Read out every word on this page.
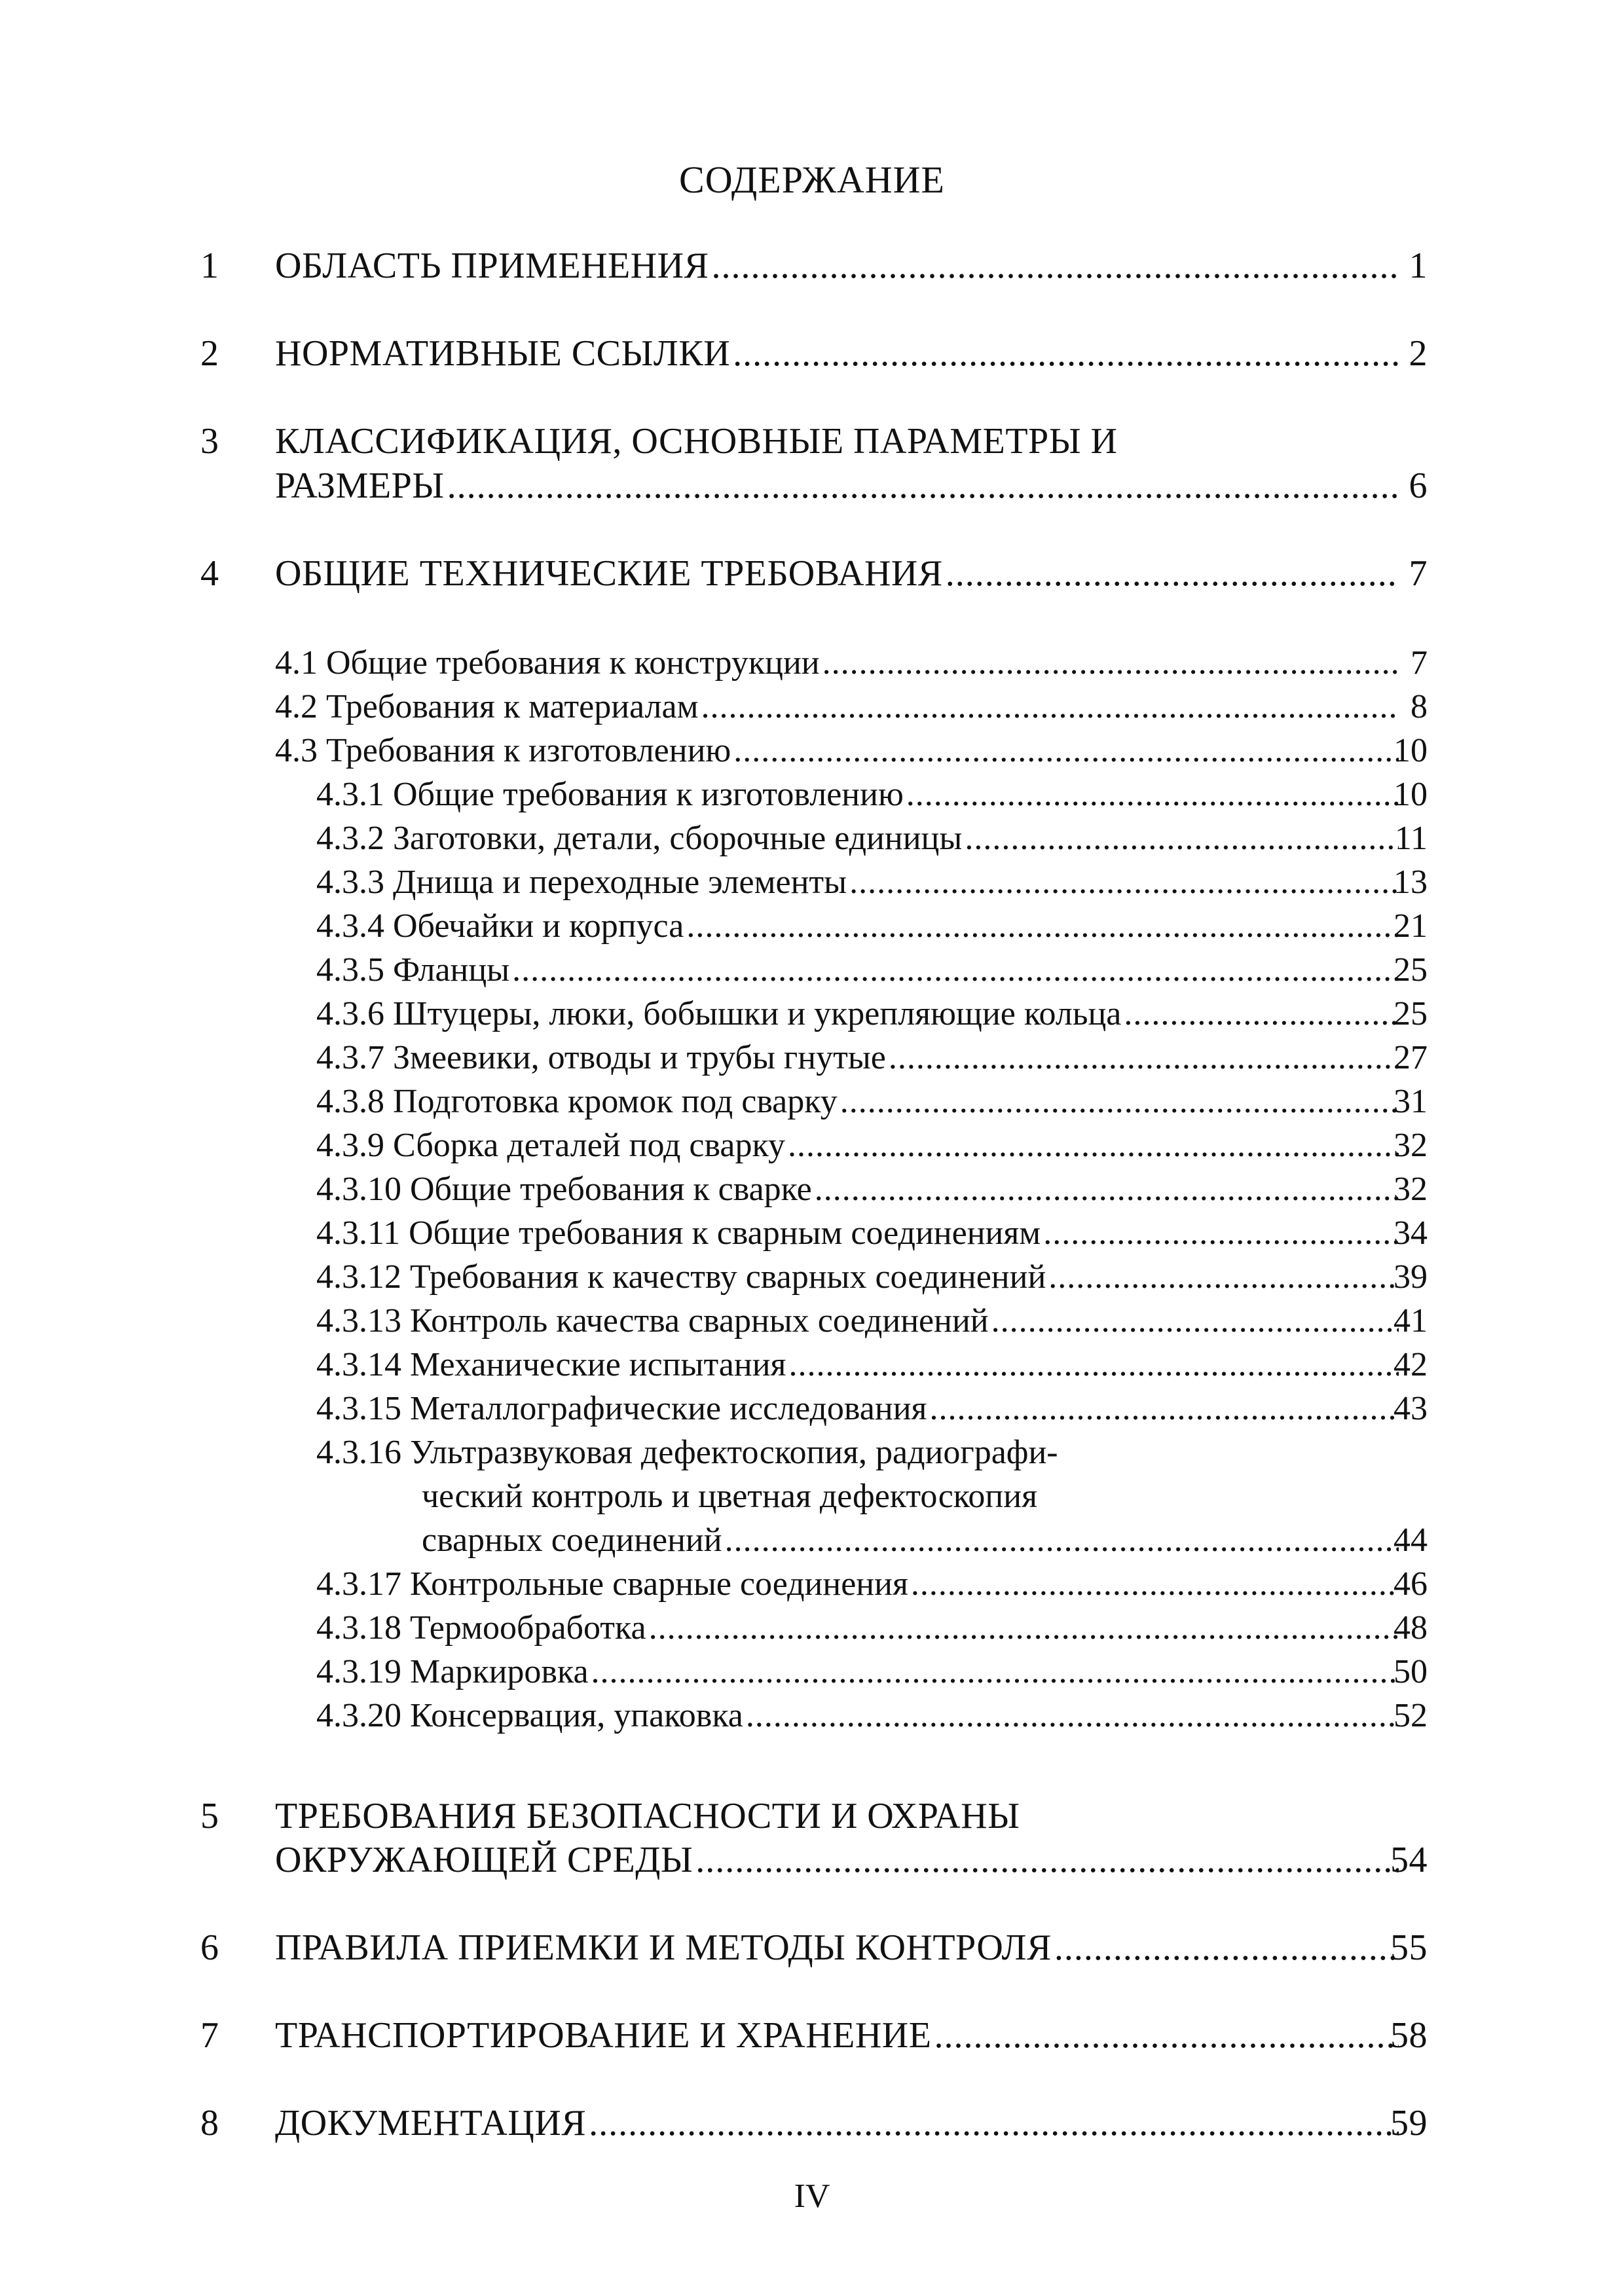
СОДЕРЖАНИЕ
1 ОБЛАСТЬ ПРИМЕНЕНИЯ .....	1
2 НОРМАТИВНЫЕ ССЫЛКИ .....	2
3 КЛАССИФИКАЦИЯ, ОСНОВНЫЕ ПАРАМЕТРЫ И
РАЗМЕРЫ .....	6
4 ОБЩИЕ ТЕХНИЧЕСКИЕ ТРЕБОВАНИЯ .....	7
4.1 Общие требования к конструкции .....	7
4.2 Требования к материалам .....	8
4.3 Требования к изготовлению .....	10
4.3.1 Общие требования к изготовлению .....	10
4.3.2 Заготовки, детали, сборочные единицы .....	11
4.3.3 Днища и переходные элементы .....	13
4.3.4 Обечайки и корпуса .....	21
4.3.5 Фланцы .....	25
4.3.6 Штуцеры, люки, бобышки и укрепляющие кольца .....	25
4.3.7 Змеевики, отводы и трубы гнутые .....	27
4.3.8 Подготовка кромок под сварку .....	31
4.3.9 Сборка деталей под сварку .....	32
4.3.10 Общие требования к сварке .....	32
4.3.11 Общие требования к сварным соединениям .....	34
4.3.12 Требования к качеству сварных соединений .....	39
4.3.13 Контроль качества сварных соединений .....	41
4.3.14 Механические испытания .....	42
4.3.15 Металлографические исследования .....	43
4.3.16 Ультразвуковая дефектоскопия, радиографи-
ческий контроль и цветная дефектоскопия
сварных соединений .....	44
4.3.17 Контрольные сварные соединения .....	46
4.3.18 Термообработка .....	48
4.3.19 Маркировка .....	50
4.3.20 Консервация, упаковка .....	52
5 ТРЕБОВАНИЯ БЕЗОПАСНОСТИ И ОХРАНЫ
ОКРУЖАЮЩЕЙ СРЕДЫ .....	54
6 ПРАВИЛА ПРИЕМКИ И МЕТОДЫ КОНТРОЛЯ .....	55
7 ТРАНСПОРТИРОВАНИЕ И ХРАНЕНИЕ .....	58
8 ДОКУМЕНТАЦИЯ .....	59
IV
